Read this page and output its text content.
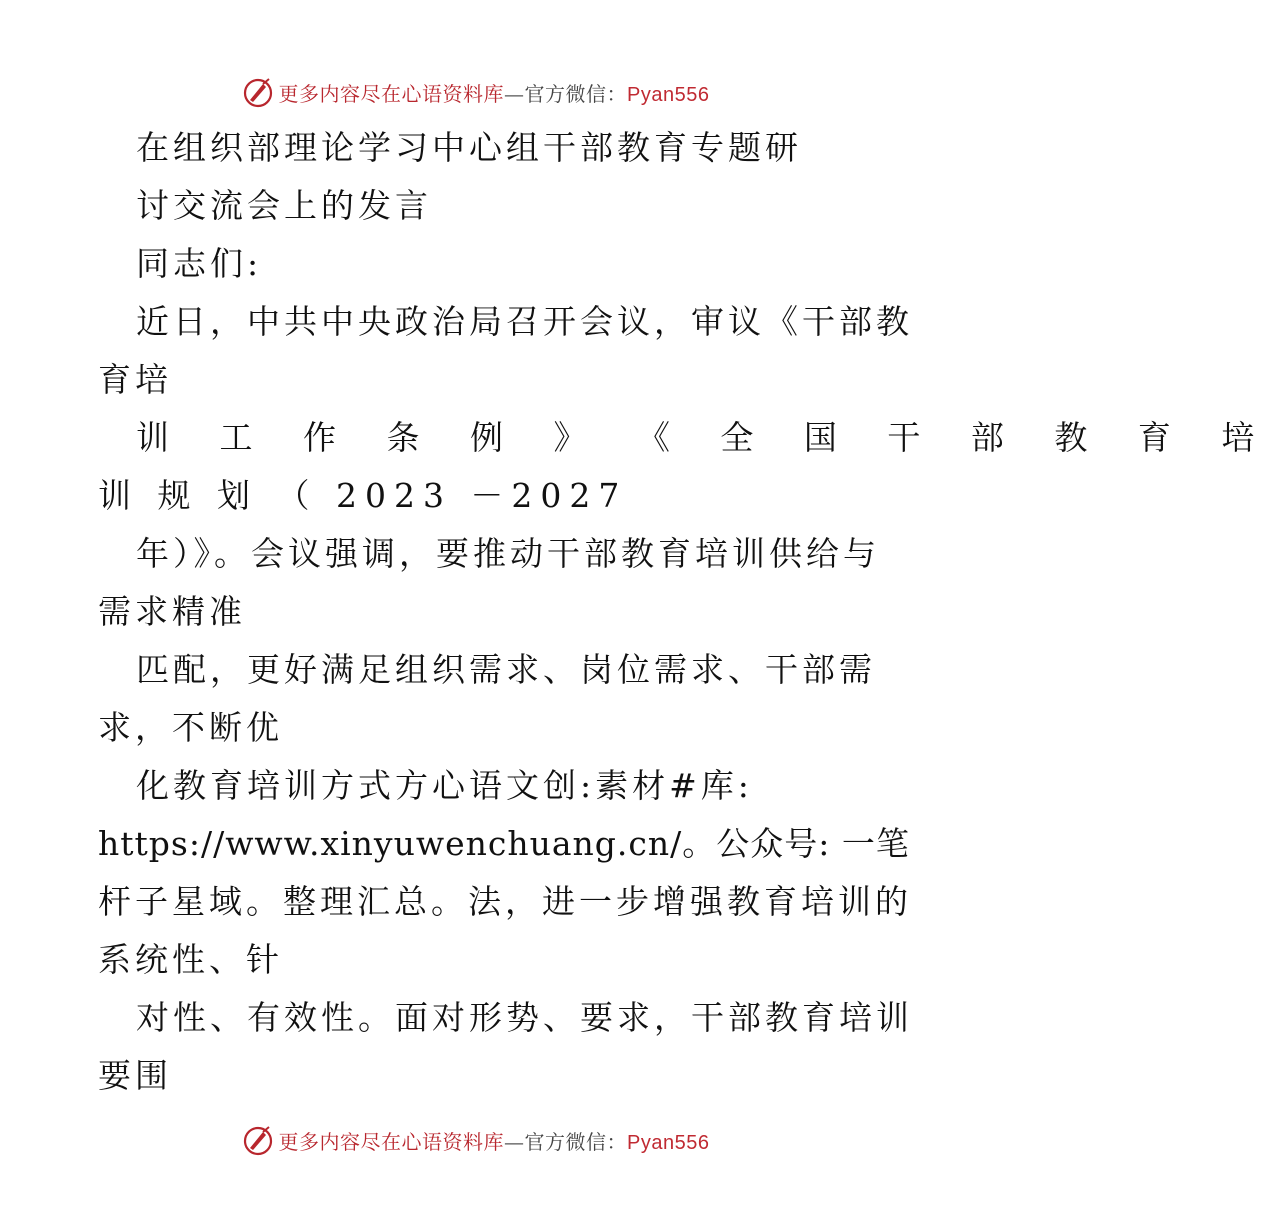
更多内容尽在心语资料库—官方微信：Pyan556
在组织部理论学习中心组干部教育专题研
讨交流会上的发言
同志们:
近日，中共中央政治局召开会议，审议《干部教
育培
训 工 作 条 例 》 《 全 国 干 部 教 育 培
训 规 划 （ 2023 －2027
年）》。会议强调，要推动干部教育培训供给与
需求精准
匹配，更好满足组织需求、岗位需求、干部需
求，不断优
化教育培训方式方心语文创:素材#库:
https://www.xinyuwenchuang.cn/。公众号: 一笔
杆子星域。整理汇总。法，进一步增强教育培训的
系统性、针
对性、有效性。面对形势、要求，干部教育培训
要围
更多内容尽在心语资料库—官方微信：Pyan556
